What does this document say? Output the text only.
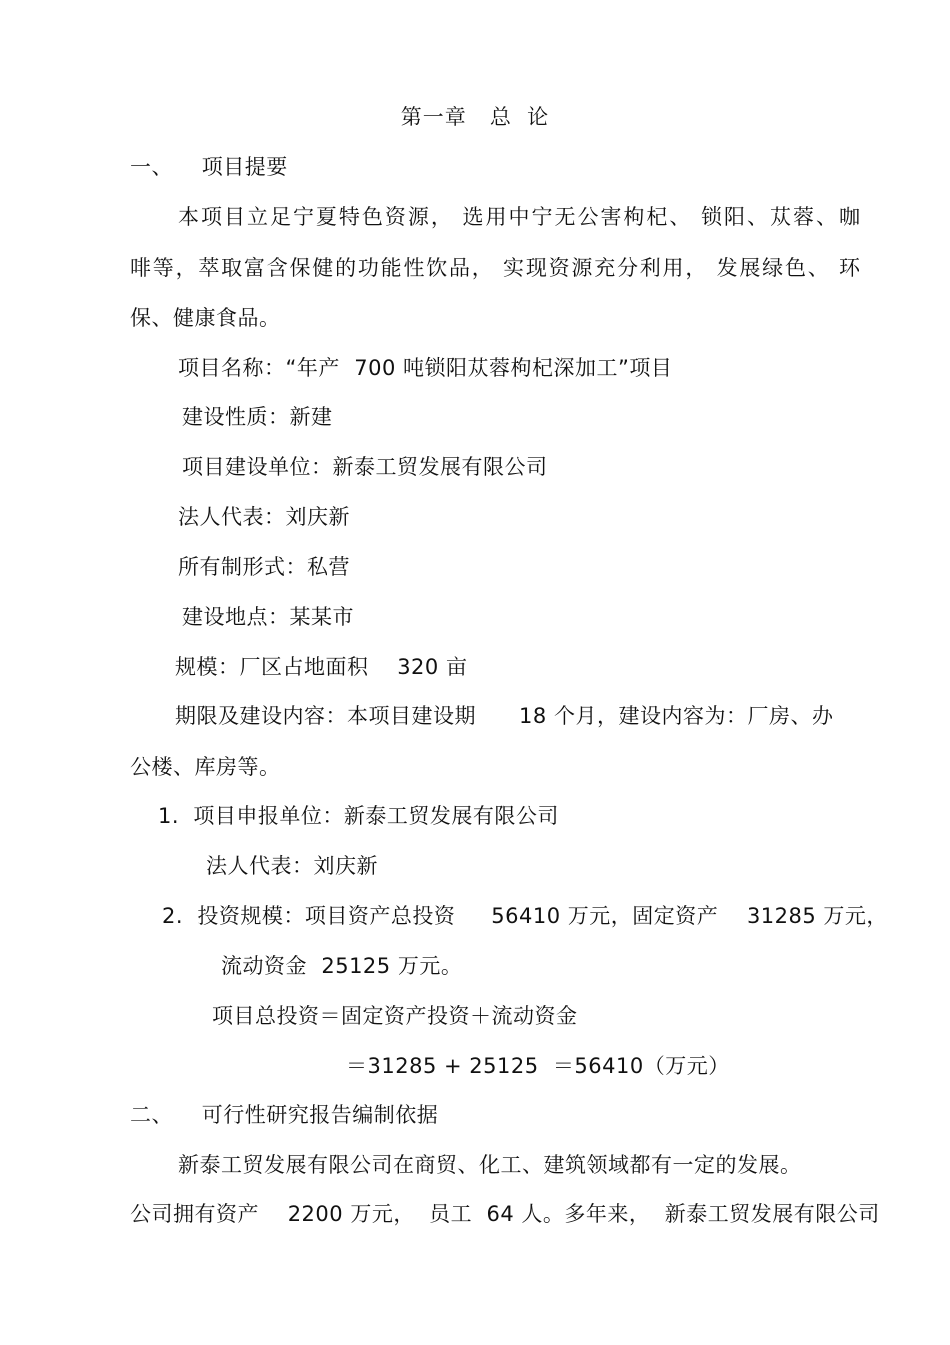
第一章   总  论
一、    项目提要
本项目立足宁夏特色资源， 选用中宁无公害枸杞、 锁阳、苁蓉、咖
啡等，萃取富含保健的功能性饮品， 实现资源充分利用， 发展绿色、 环
保、健康食品。
项目名称：“年产  700 吨锁阳苁蓉枸杞深加工”项目
建设性质：新建
项目建设单位：新泰工贸发展有限公司
法人代表：刘庆新
所有制形式：私营
建设地点：某某市
规模：厂区占地面积    320 亩
期限及建设内容：本项目建设期      18 个月，建设内容为：厂房、办
公楼、库房等。
1.  项目申报单位：新泰工贸发展有限公司
法人代表：刘庆新
2.  投资规模：项目资产总投资     56410 万元，固定资产    31285 万元，
流动资金  25125 万元。
项目总投资＝固定资产投资＋流动资金
＝31285 + 25125  ＝56410（万元）
二、    可行性研究报告编制依据
新泰工贸发展有限公司在商贸、化工、建筑领域都有一定的发展。
公司拥有资产    2200 万元，  员工  64 人。多年来，  新泰工贸发展有限公司
